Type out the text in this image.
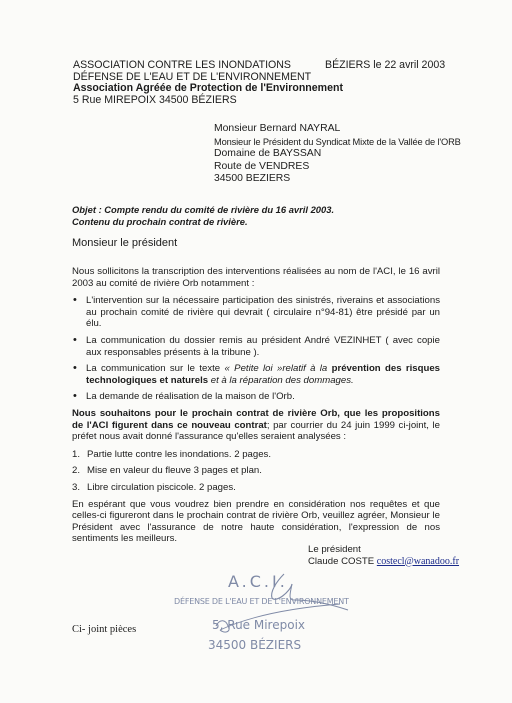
ASSOCIATION CONTRE LES INONDATIONS
DÉFENSE DE L'EAU ET DE L'ENVIRONNEMENT
Association Agréée de Protection de l'Environnement
5 Rue MIREPOIX 34500 BÉZIERS
BÉZIERS le 22 avril 2003
Monsieur Bernard NAYRAL
Monsieur le Président du Syndicat Mixte de la Vallée de l'ORB
Domaine de BAYSSAN
Route de VENDRES
34500 BEZIERS
Objet : Compte rendu du comité de rivière du 16 avril 2003.
Contenu du prochain contrat de rivière.
Monsieur le président

Nous sollicitons la transcription des interventions réalisées au nom de l'ACI, le 16 avril 2003 au comité de rivière Orb notamment :

• L'intervention sur la nécessaire participation des sinistrés, riverains et associations au prochain comité de rivière qui devrait ( circulaire n°94-81) être présidé par un élu.
• La communication du dossier remis au président André VEZINHET ( avec copie aux responsables présents à la tribune ).
• La communication sur le texte « Petite loi »relatif à la prévention des risques technologiques et naturels et à la réparation des dommages.
• La demande de réalisation de la maison de l'Orb.

Nous souhaitons pour le prochain contrat de rivière Orb, que les propositions de l'ACI figurent dans ce nouveau contrat; par courrier du 24 juin 1999 ci-joint, le préfet nous avait donné l'assurance qu'elles seraient analysées :

1. Partie lutte contre les inondations. 2 pages.
2. Mise en valeur du fleuve 3 pages et plan.
3. Libre circulation piscicole. 2 pages.

En espérant que vous voudrez bien prendre en considération nos requêtes et que celles-ci figureront dans le prochain contrat de rivière Orb, veuillez agréer, Monsieur le Président avec l'assurance de notre haute considération, l'expression de nos sentiments les meilleurs.

Le président
Claude COSTE costecl@wanadoo.fr
A.C.I.
DÉFENSE DE L'EAU ET DE L'ENVIRONNEMENT
5, Rue Mirepoix
34500 BÉZIERS
Ci- joint pièces
